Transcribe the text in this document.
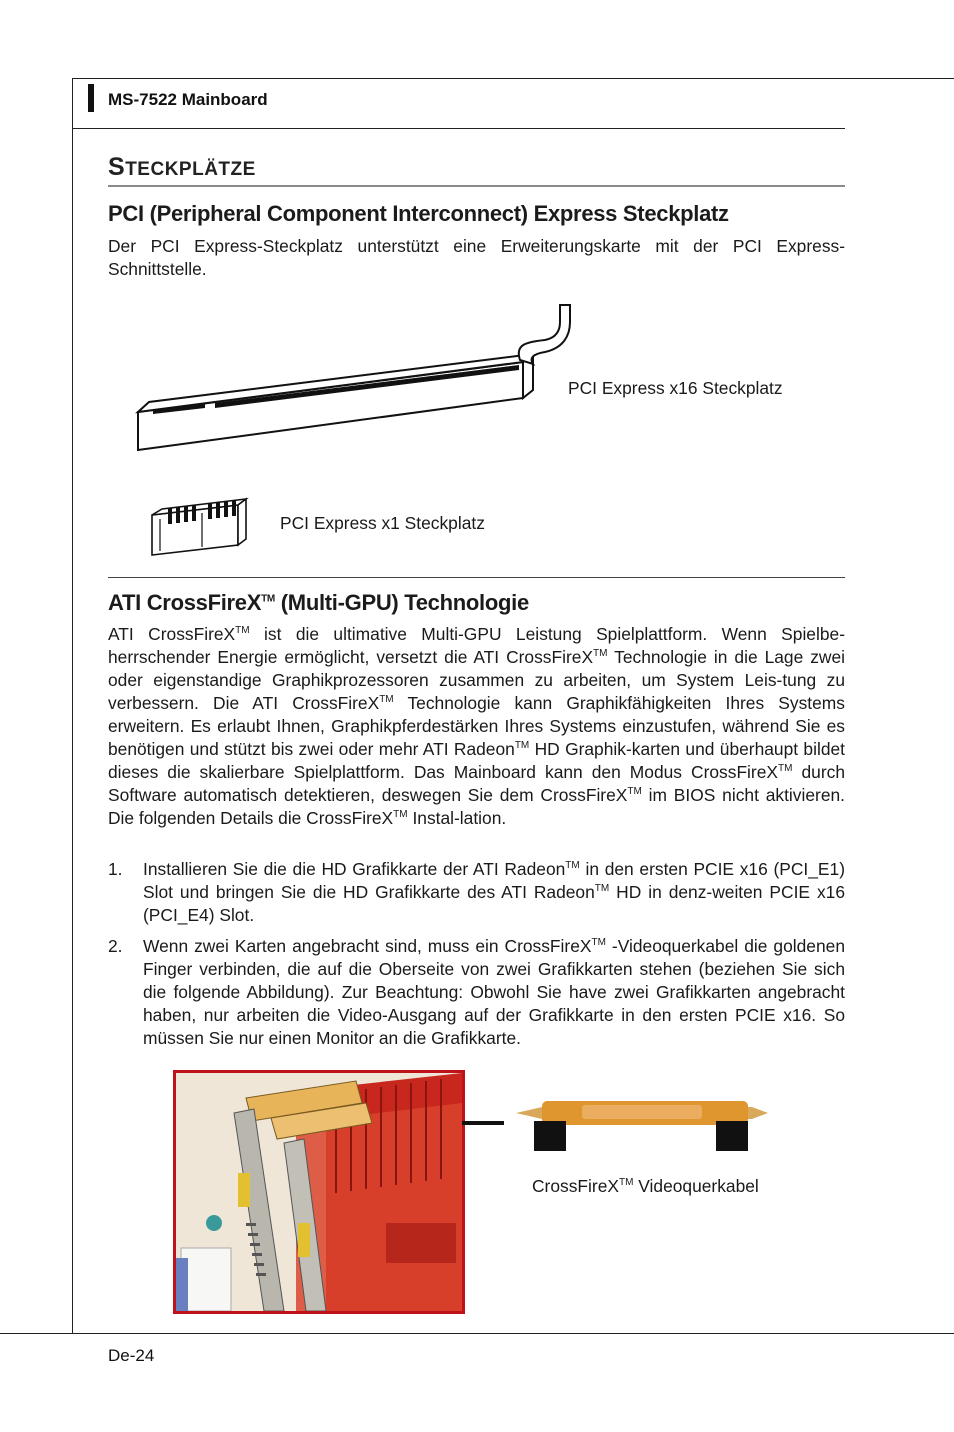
MS-7522 Mainboard
STECKPLÄTZE
PCI (Peripheral Component Interconnect) Express Steckplatz
Der PCI Express-Steckplatz unterstützt eine Erweiterungskarte mit der PCI Express-Schnittstelle.
PCI Express x16 Steckplatz
PCI Express x1 Steckplatz
ATI CrossFireX™ (Multi-GPU) Technologie
ATI CrossFireX™ ist die ultimative Multi-GPU Leistung Spielplattform. Wenn Spielbe-herrschender Energie ermöglicht, versetzt die ATI CrossFireX™ Technologie in die Lage zwei oder eigenstandige Graphikprozessoren zusammen zu arbeiten, um System Leis-tung zu verbessern. Die ATI CrossFireX™ Technologie kann Graphikfähigkeiten Ihres Systems erweitern. Es erlaubt Ihnen, Graphikpferdestärken Ihres Systems einzustufen, während Sie es benötigen und stützt bis zwei oder mehr ATI Radeon™ HD Graphik-karten und überhaupt bildet dieses die skalierbare Spielplattform. Das Mainboard kann den Modus CrossFireX™ durch Software automatisch detektieren, deswegen Sie dem CrossFireX™ im BIOS nicht aktivieren. Die folgenden Details die CrossFireX™ Instal-lation.
1. Installieren Sie die die HD Grafikkarte der ATI Radeon™ in den ersten PCIE x16 (PCI_E1) Slot und bringen Sie die HD Grafikkarte des ATI Radeon™ HD in denz-weiten PCIE x16 (PCI_E4) Slot.
2. Wenn zwei Karten angebracht sind, muss ein CrossFireX™ -Videoquerkabel die goldenen Finger verbinden, die auf die Oberseite von zwei Grafikkarten stehen (beziehen Sie sich die folgende Abbildung). Zur Beachtung: Obwohl Sie have zwei Grafikkarten angebracht haben, nur arbeiten die Video-Ausgang auf der Grafikkarte in den ersten PCIE x16. So müssen Sie nur einen Monitor an die Grafikkarte.
CrossFireX™ Videoquerkabel
De-24
